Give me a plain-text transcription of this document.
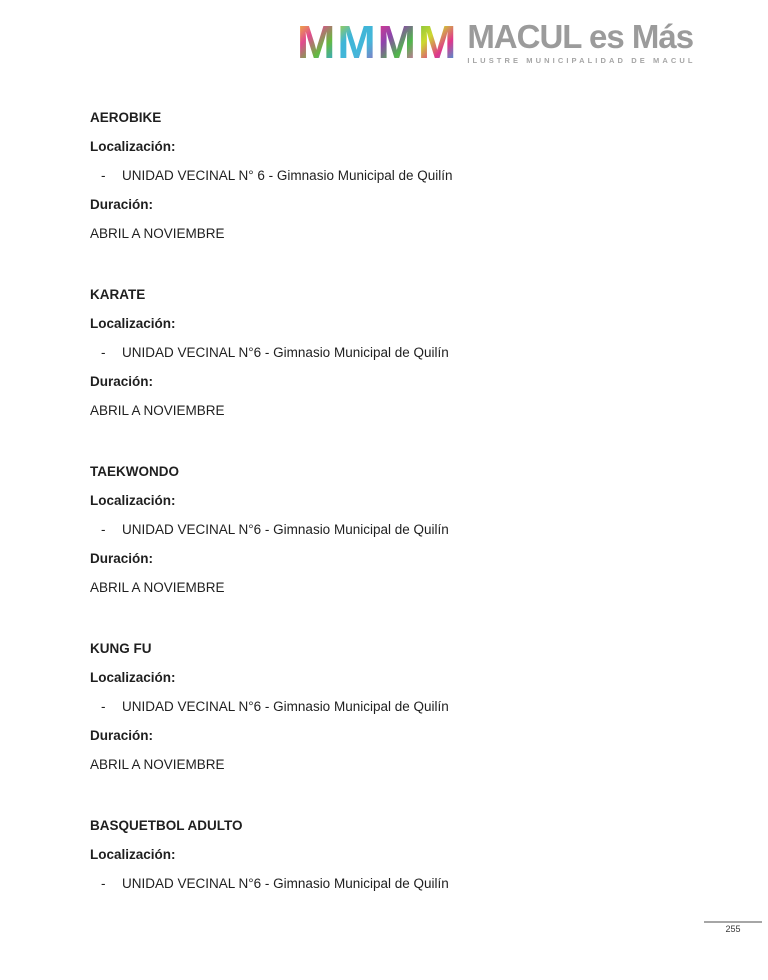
M M M M MACUL es Más
ILUSTRE MUNICIPALIDAD DE MACUL

AEROBIKE

Localización:

-	UNIDAD VECINAL N° 6 - Gimnasio Municipal de Quilín

Duración:

ABRIL A NOVIEMBRE

KARATE

Localización:

-	UNIDAD VECINAL N°6 - Gimnasio Municipal de Quilín

Duración:

ABRIL A NOVIEMBRE

TAEKWONDO

Localización:

-	UNIDAD VECINAL N°6 - Gimnasio Municipal de Quilín

Duración:

ABRIL A NOVIEMBRE

KUNG FU

Localización:

-	UNIDAD VECINAL N°6 - Gimnasio Municipal de Quilín

Duración:

ABRIL A NOVIEMBRE

BASQUETBOL ADULTO

Localización:

-	UNIDAD VECINAL N°6 - Gimnasio Municipal de Quilín

255
